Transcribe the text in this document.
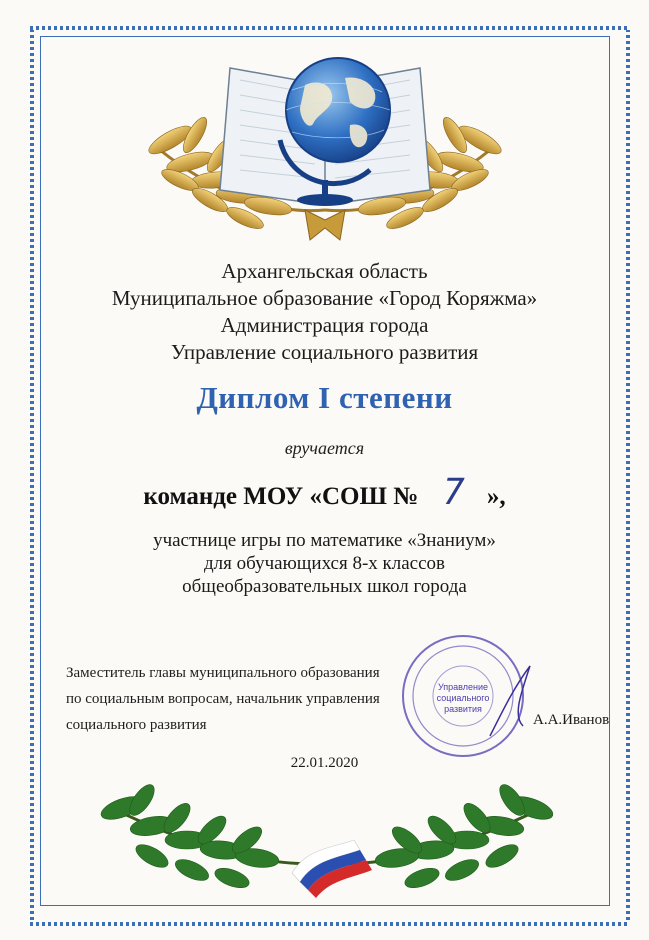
Архангельская область
Муниципальное образование «Город Коряжма»
Администрация города
Управление социального развития
Диплом I степени
вручается
команде МОУ «СОШ № 7 »,
участнице игры по математике «Знаниум»
для обучающихся 8-х классов
общеобразовательных школ города
Заместитель главы муниципального образования
по социальным вопросам, начальник управления
социального развития	А.А.Иванов
Управление
социального
развития
22.01.2020
